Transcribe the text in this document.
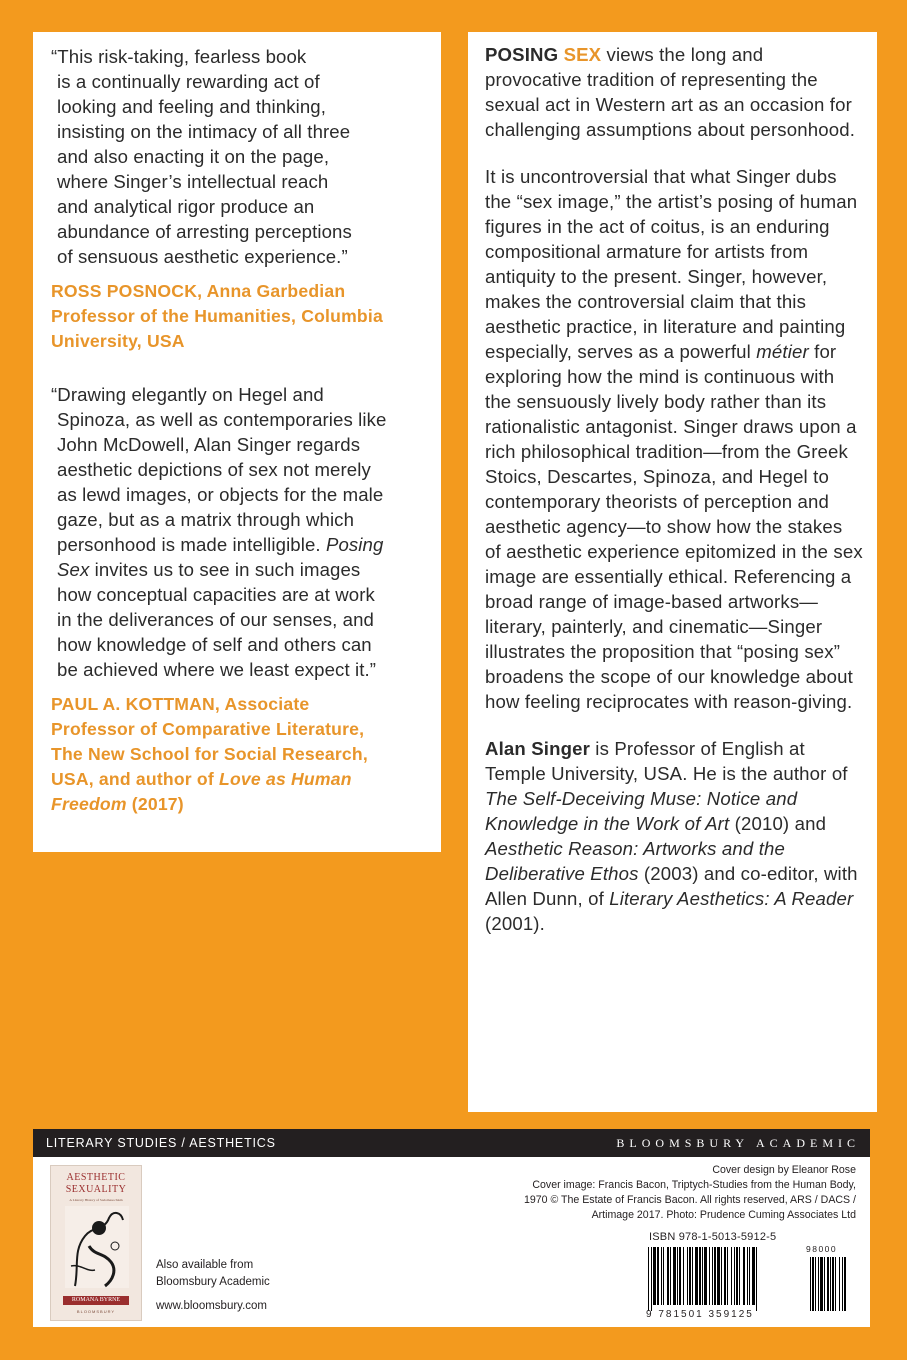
“This risk-taking, fearless book

is a continually rewarding act of

looking and feeling and thinking,

insisting on the intimacy of all three

and also enacting it on the page,

where Singer’s intellectual reach

and analytical rigor produce an

abundance of arresting perceptions

of sensuous aesthetic experience.”

ROSS POSNOCK, Anna Garbedian
Professor of the Humanities, Columbia
University, USA

“Drawing elegantly on Hegel and

Spinoza, as well as contemporaries like

John McDowell, Alan Singer regards

aesthetic depictions of sex not merely

as lewd images, or objects for the male

gaze, but as a matrix through which

personhood is made intelligible. Posing

Sex invites us to see in such images

how conceptual capacities are at work

in the deliverances of our senses, and

how knowledge of self and others can

be achieved where we least expect it.”

PAUL A. KOTTMAN, Associate
Professor of Comparative Literature,
The New School for Social Research,
USA, and author of Love as Human
Freedom (2017)

POSING SEX views the long and provocative tradition of representing the sexual act in Western art as an occasion for challenging assumptions about personhood.

It is uncontroversial that what Singer dubs the “sex image,” the artist’s posing of human figures in the act of coitus, is an enduring compositional armature for artists from antiquity to the present. Singer, however, makes the controversial claim that this aesthetic practice, in literature and painting especially, serves as a powerful métier for exploring how the mind is continuous with the sensuously lively body rather than its rationalistic antagonist. Singer draws upon a rich philosophical tradition—from the Greek Stoics, Descartes, Spinoza, and Hegel to contemporary theorists of perception and aesthetic agency—to show how the stakes of aesthetic experience epitomized in the sex image are essentially ethical. Referencing a broad range of image-based artworks—literary, painterly, and cinematic—Singer illustrates the proposition that “posing sex” broadens the scope of our knowledge about how feeling reciprocates with reason-giving.

Alan Singer is Professor of English at Temple University, USA. He is the author of The Self-Deceiving Muse: Notice and Knowledge in the Work of Art (2010) and Aesthetic Reason: Artworks and the Deliberative Ethos (2003) and co-editor, with Allen Dunn, of Literary Aesthetics: A Reader (2001).

LITERARY STUDIES / AESTHETICS	BLOOMSBURY ACADEMIC
AESTHETIC
SEXUALITY
A Literary History of Sadomasochism
ROMANA BYRNE
BLOOMSBURY
Also available from Bloomsbury Academic
www.bloomsbury.com
Cover design by Eleanor Rose
Cover image: Francis Bacon, Triptych-Studies from the Human Body,
1970 © The Estate of Francis Bacon. All rights reserved, ARS / DACS /
Artimage 2017. Photo: Prudence Cuming Associates Ltd
ISBN 978-1-5013-5912-5
98000
9 781501 359125
